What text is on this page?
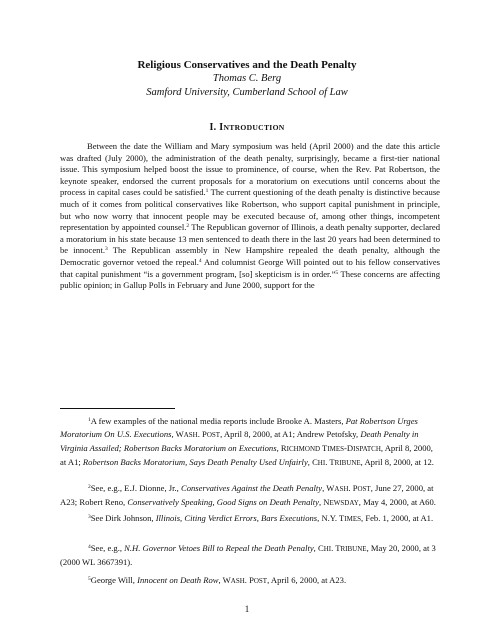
Religious Conservatives and the Death Penalty
Thomas C. Berg
Samford University, Cumberland School of Law
I. INTRODUCTION
Between the date the William and Mary symposium was held (April 2000) and the date this article was drafted (July 2000), the administration of the death penalty, surprisingly, became a first-tier national issue. This symposium helped boost the issue to prominence, of course, when the Rev. Pat Robertson, the keynote speaker, endorsed the current proposals for a moratorium on executions until concerns about the process in capital cases could be satisfied.$^1$ The current questioning of the death penalty is distinctive because much of it comes from political conservatives like Robertson, who support capital punishment in principle, but who now worry that innocent people may be executed because of, among other things, incompetent representation by appointed counsel.$^2$ The Republican governor of Illinois, a death penalty supporter, declared a moratorium in his state because 13 men sentenced to death there in the last 20 years had been determined to be innocent.$^3$ The Republican assembly in New Hampshire repealed the death penalty, although the Democratic governor vetoed the repeal.$^4$ And columnist George Will pointed out to his fellow conservatives that capital punishment “is a government program, [so] skepticism is in order.”$^5$ These concerns are affecting public opinion; in Gallup Polls in February and June 2000, support for the
$^1$A few examples of the national media reports include Brooke A. Masters, Pat Robertson Urges Moratorium On U.S. Executions, WASH. POST, April 8, 2000, at A1; Andrew Petofsky, Death Penalty in Virginia Assailed; Robertson Backs Moratorium on Executions, RICHMOND TIMES-DISPATCH, April 8, 2000, at A1; Robertson Backs Moratorium, Says Death Penalty Used Unfairly, CHI. TRIBUNE, April 8, 2000, at 12.
$^2$See, e.g., E.J. Dionne, Jr., Conservatives Against the Death Penalty, WASH. POST, June 27, 2000, at A23; Robert Reno, Conservatively Speaking, Good Signs on Death Penalty, NEWSDAY, May 4, 2000, at A60.
$^3$See Dirk Johnson, Illinois, Citing Verdict Errors, Bars Executions, N.Y. TIMES, Feb. 1, 2000, at A1.
$^4$See, e.g., N.H. Governor Vetoes Bill to Repeal the Death Penalty, CHI. TRIBUNE, May 20, 2000, at 3 (2000 WL 3667391).
$^5$George Will, Innocent on Death Row, WASH. POST, April 6, 2000, at A23.
1
